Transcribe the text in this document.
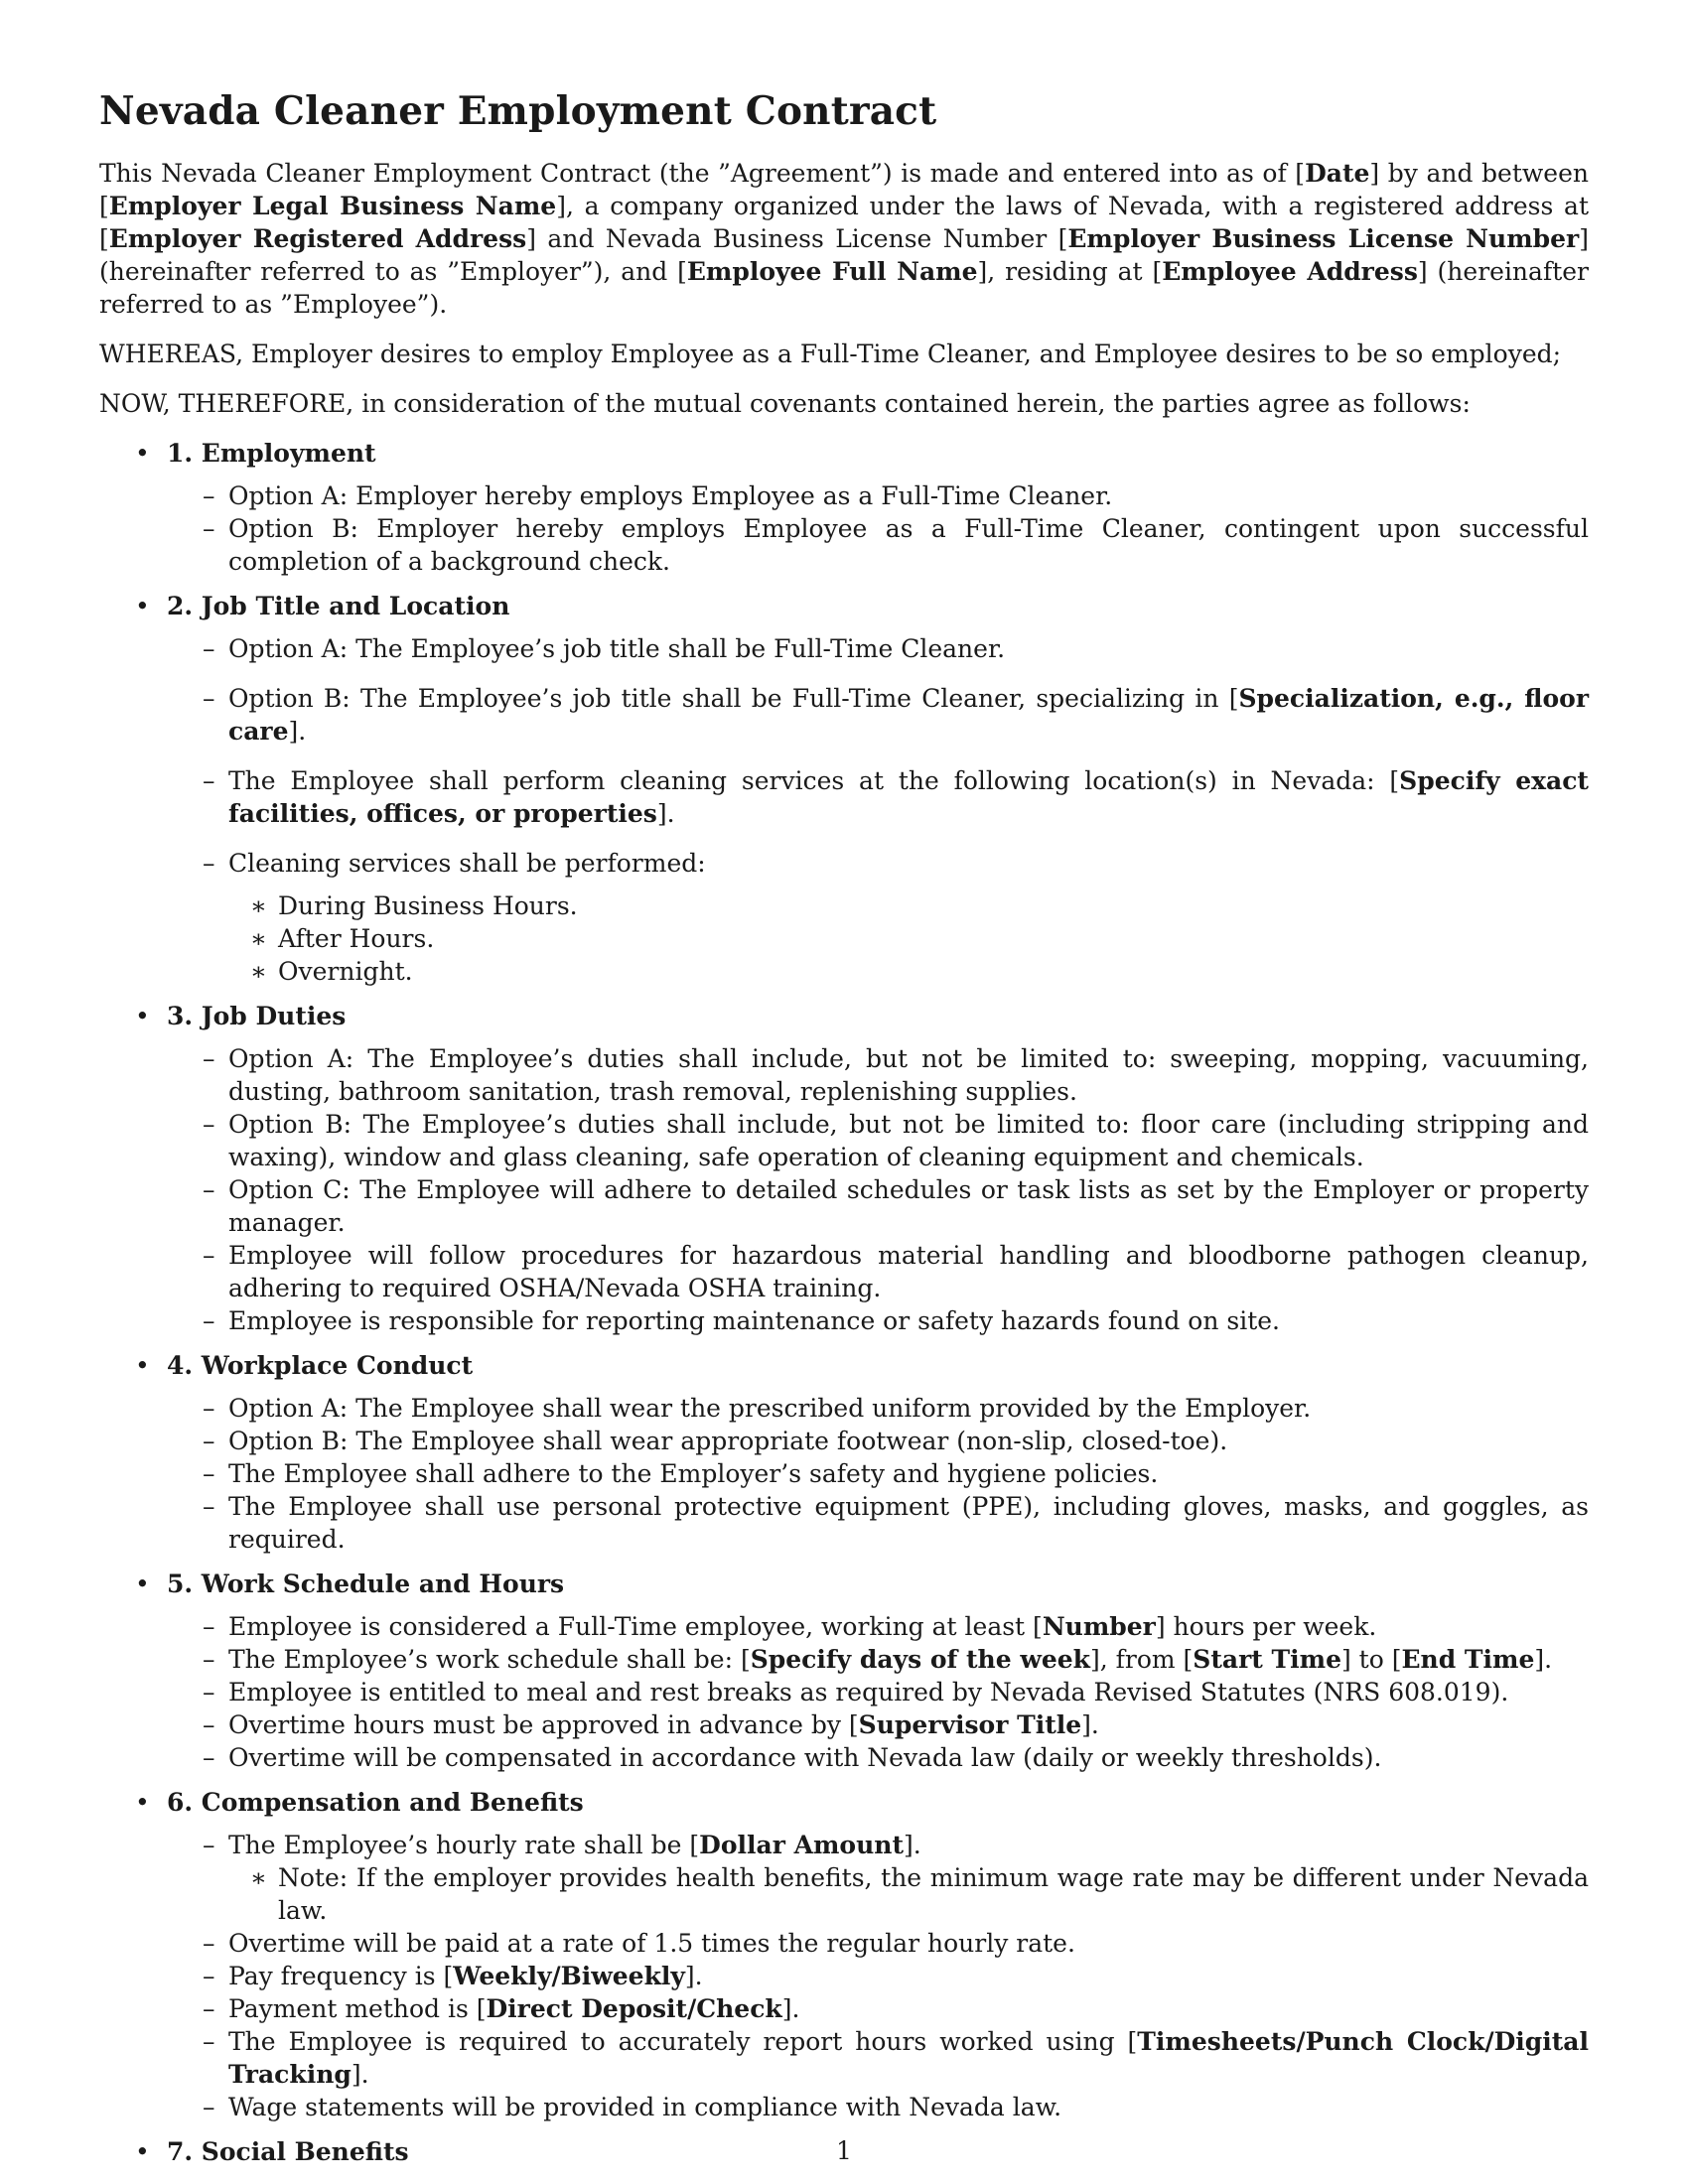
Nevada Cleaner Employment Contract

This Nevada Cleaner Employment Contract (the ”Agreement”) is made and entered into as of [Date] by and between [Employer Legal Business Name], a company organized under the laws of Nevada, with a registered address at [Employer Registered Address] and Nevada Business License Number [Employer Business License Number] (hereinafter referred to as ”Employer”), and [Employee Full Name], residing at [Employee Address] (hereinafter referred to as ”Employee”).

WHEREAS, Employer desires to employ Employee as a Full-Time Cleaner, and Employee desires to be so employed;

NOW, THEREFORE, in consideration of the mutual covenants contained herein, the parties agree as follows:

• 1. Employment
– Option A: Employer hereby employs Employee as a Full-Time Cleaner.
– Option B: Employer hereby employs Employee as a Full-Time Cleaner, contingent upon successful completion of a background check.
• 2. Job Title and Location
– Option A: The Employee’s job title shall be Full-Time Cleaner.
– Option B: The Employee’s job title shall be Full-Time Cleaner, specializing in [Specialization, e.g., floor care].
– The Employee shall perform cleaning services at the following location(s) in Nevada: [Specify exact facilities, offices, or properties].
– Cleaning services shall be performed:
∗ During Business Hours.
∗ After Hours.
∗ Overnight.
• 3. Job Duties
– Option A: The Employee’s duties shall include, but not be limited to: sweeping, mopping, vacuuming, dusting, bathroom sanitation, trash removal, replenishing supplies.
– Option B: The Employee’s duties shall include, but not be limited to: floor care (including stripping and waxing), window and glass cleaning, safe operation of cleaning equipment and chemicals.
– Option C: The Employee will adhere to detailed schedules or task lists as set by the Employer or property manager.
– Employee will follow procedures for hazardous material handling and bloodborne pathogen cleanup, adhering to required OSHA/Nevada OSHA training.
– Employee is responsible for reporting maintenance or safety hazards found on site.
• 4. Workplace Conduct
– Option A: The Employee shall wear the prescribed uniform provided by the Employer.
– Option B: The Employee shall wear appropriate footwear (non-slip, closed-toe).
– The Employee shall adhere to the Employer’s safety and hygiene policies.
– The Employee shall use personal protective equipment (PPE), including gloves, masks, and goggles, as required.
• 5. Work Schedule and Hours
– Employee is considered a Full-Time employee, working at least [Number] hours per week.
– The Employee’s work schedule shall be: [Specify days of the week], from [Start Time] to [End Time].
– Employee is entitled to meal and rest breaks as required by Nevada Revised Statutes (NRS 608.019).
– Overtime hours must be approved in advance by [Supervisor Title].
– Overtime will be compensated in accordance with Nevada law (daily or weekly thresholds).
• 6. Compensation and Benefits
– The Employee’s hourly rate shall be [Dollar Amount].
∗ Note: If the employer provides health benefits, the minimum wage rate may be different under Nevada law.
– Overtime will be paid at a rate of 1.5 times the regular hourly rate.
– Pay frequency is [Weekly/Biweekly].
– Payment method is [Direct Deposit/Check].
– The Employee is required to accurately report hours worked using [Timesheets/Punch Clock/Digital Tracking].
– Wage statements will be provided in compliance with Nevada law.
• 7. Social Benefits	1
